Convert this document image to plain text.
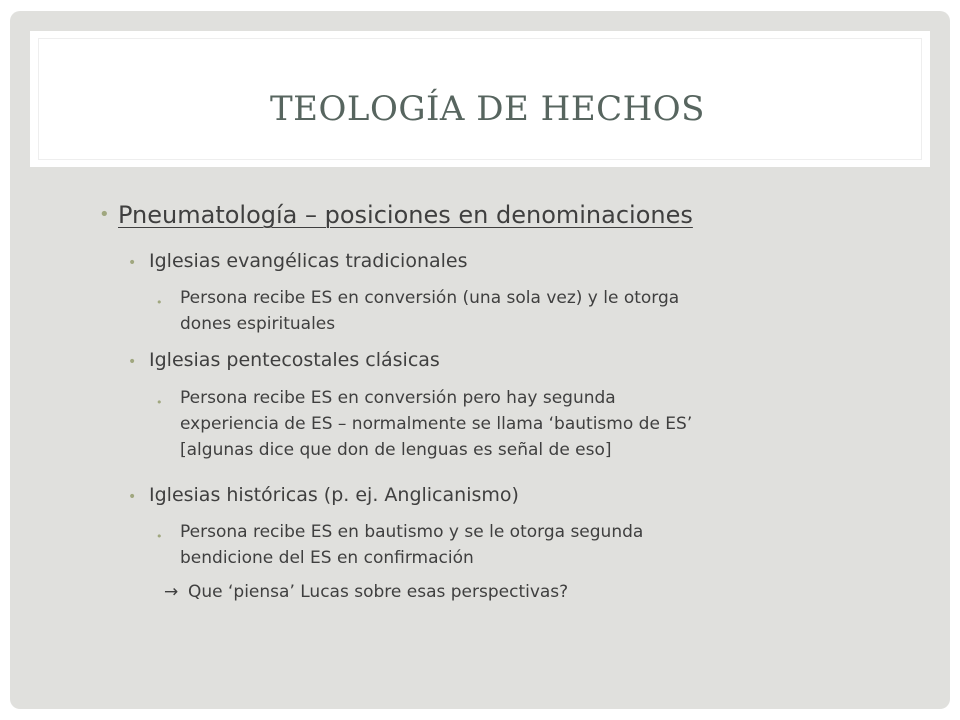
TEOLOGÍA DE HECHOS
• Pneumatología – posiciones en denominaciones
• Iglesias evangélicas tradicionales
• Persona recibe ES en conversión (una sola vez) y le otorga
dones espirituales
• Iglesias pentecostales clásicas
• Persona recibe ES en conversión pero hay segunda
experiencia de ES – normalmente se llama ‘bautismo de ES’
[algunas dice que don de lenguas es señal de eso]
• Iglesias históricas (p. ej. Anglicanismo)
• Persona recibe ES en bautismo y se le otorga segunda
bendicione del ES en confirmación
→ Que ‘piensa’ Lucas sobre esas perspectivas?
